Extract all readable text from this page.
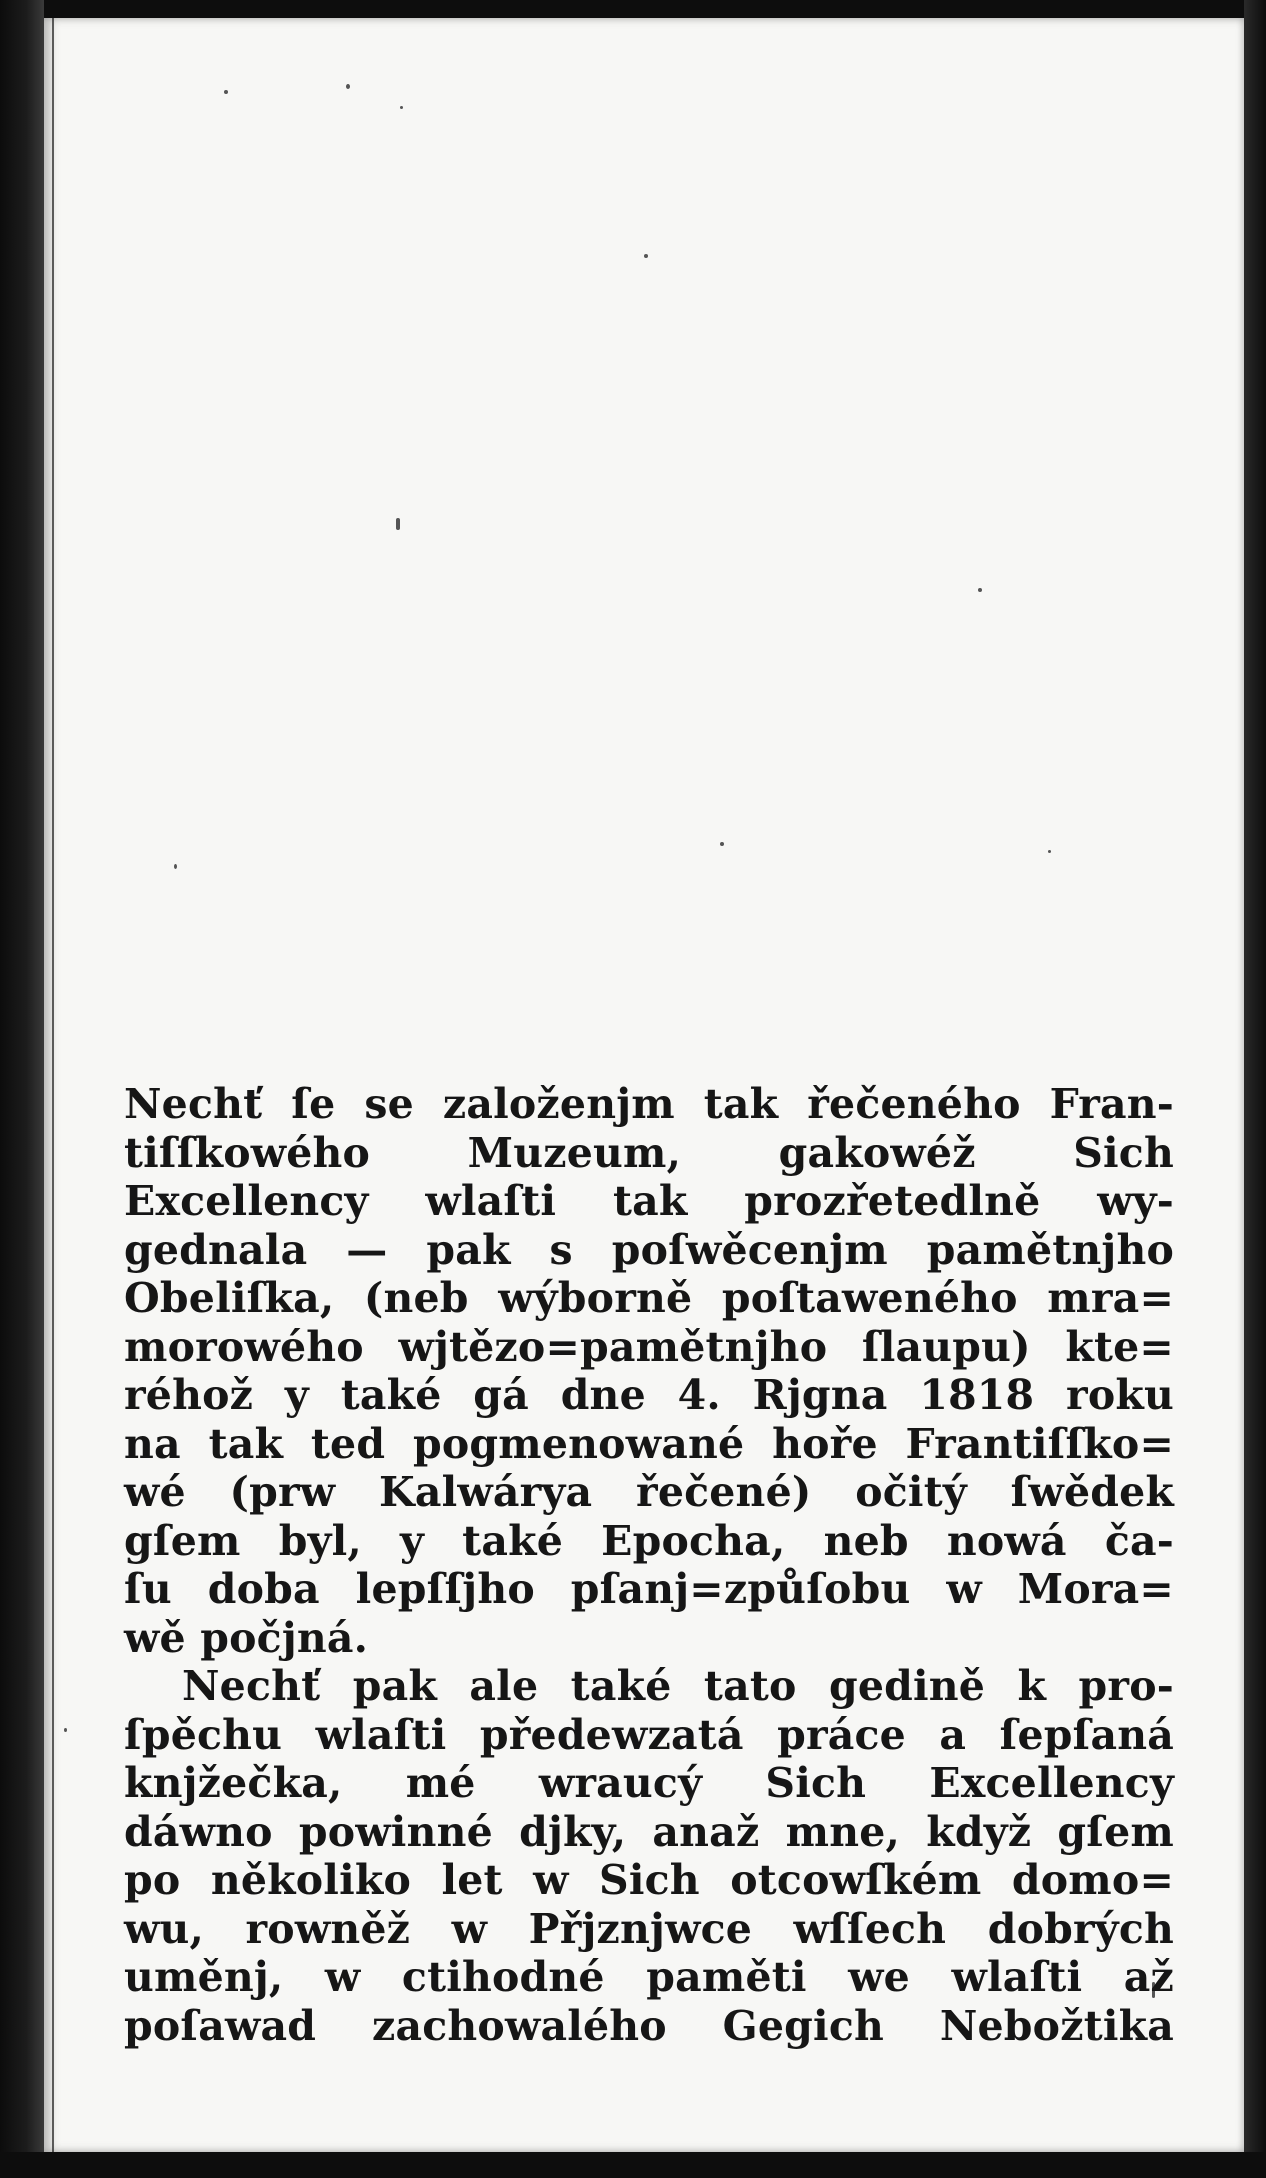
Nechť ſe se založenjm tak řečeného Fran-
tiſſkowého Muzeum, gakowéž Sich
Excellency wlaſti tak prozřetedlně wy-
gednala — pak s poſwěcenjm pamětnjho
Obeliſka, (neb wýborně poſtaweného mra=
morowého wjtězo=pamětnjho ſlaupu) kte=
réhož y také gá dne 4. Rjgna 1818 roku
na tak ted pogmenowané hoře Frantiſſko=
wé (prw Kalwárya řečené) očitý ſwědek
gſem byl, y také Epocha, neb nowá ča-
ſu doba lepſſjho pſanj=způſobu w Mora=
wě počjná.
Nechť pak ale také tato gedině k pro-
ſpěchu wlaſti předewzatá práce a ſepſaná
knjžečka, mé wraucý Sich Excellency
dáwno powinné djky, anaž mne, když gſem
po několiko let w Sich otcowſkém domo=
wu, rowněž w Přjznjwce wſſech dobrých
uměnj, w ctihodné paměti we wlaſti až
poſawad zachowalého Gegich Nebožtika
